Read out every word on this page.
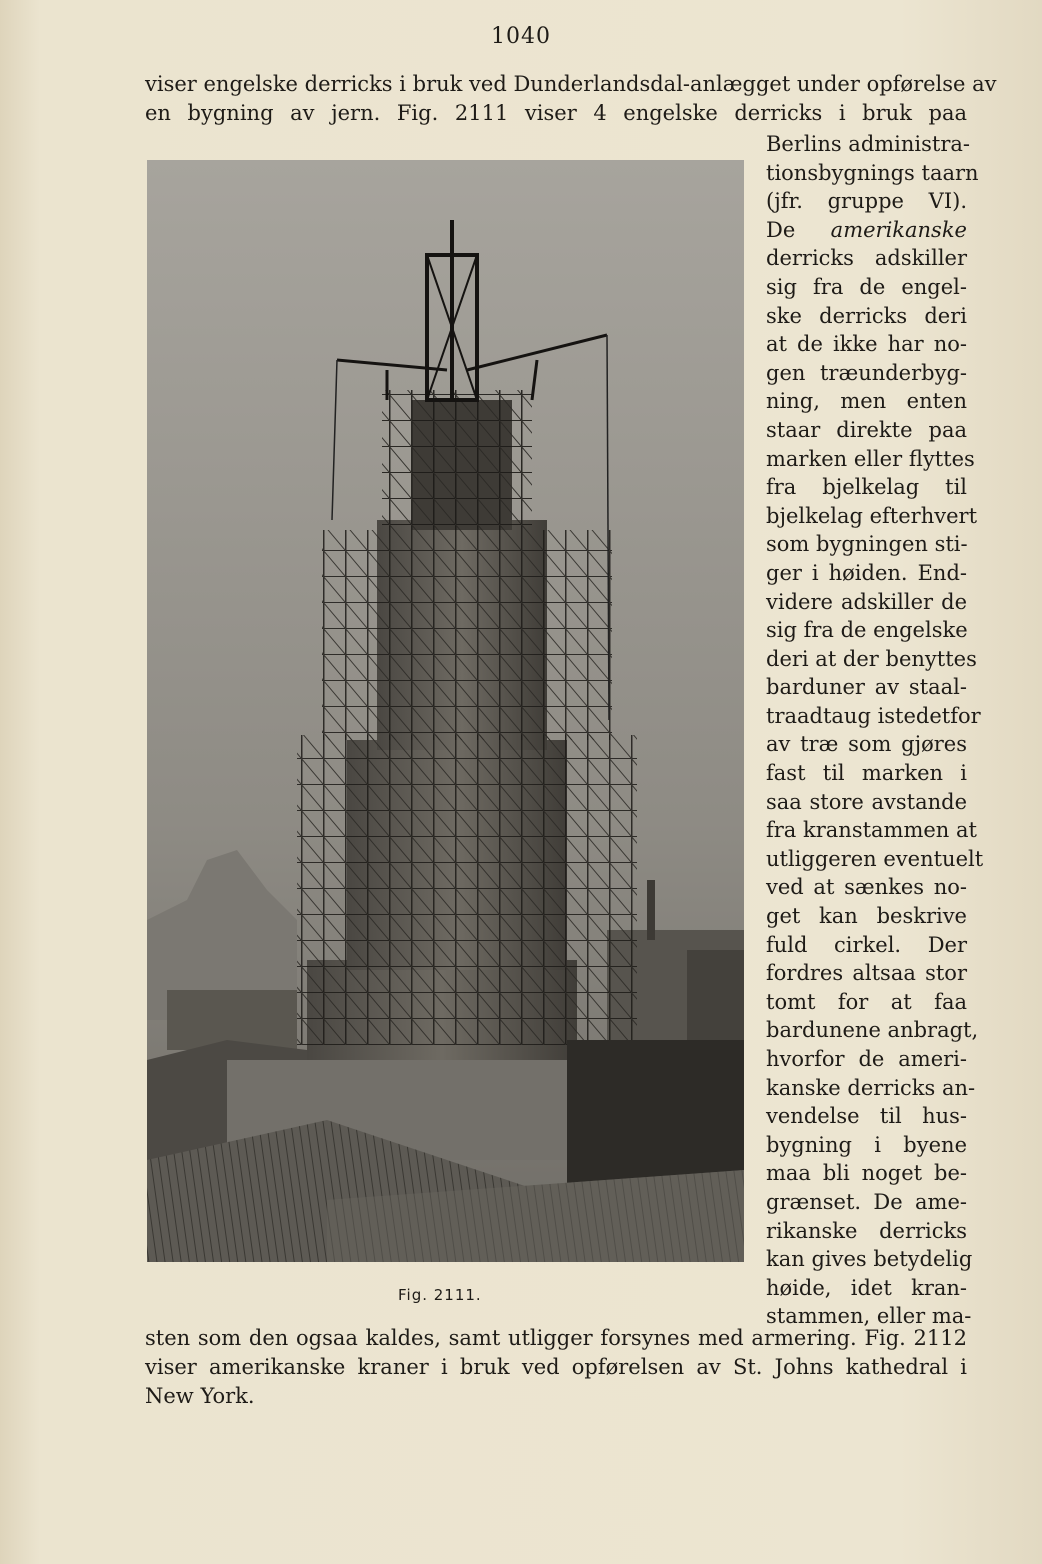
1040
viser engelske derricks i bruk ved Dunderlandsdal-anlægget under opførelse av
en bygning av jern. Fig. 2111 viser 4 engelske derricks i bruk paa
Berlins administra-
tionsbygnings taarn
(jfr. gruppe VI).
De amerikanske
derricks adskiller
sig fra de engel-
ske derricks deri
at de ikke har no-
gen træunderbyg-
ning, men enten
staar direkte paa
marken eller flyttes
fra bjelkelag til
bjelkelag efterhvert
som bygningen sti-
ger i høiden. End-
videre adskiller de
sig fra de engelske
deri at der benyttes
barduner av staal-
traadtaug istedetfor
av træ som gjøres
fast til marken i
saa store avstande
fra kranstammen at
utliggeren eventuelt
ved at sænkes no-
get kan beskrive
fuld cirkel. Der
fordres altsaa stor
tomt for at faa
bardunene anbragt,
hvorfor de ameri-
kanske derricks an-
vendelse til hus-
bygning i byene
maa bli noget be-
grænset. De ame-
rikanske derricks
kan gives betydelig
høide, idet kran-
stammen, eller ma-
Fig. 2111.
sten som den ogsaa kaldes, samt utligger forsynes med armering. Fig. 2112
viser amerikanske kraner i bruk ved opførelsen av St. Johns kathedral i
New York.
